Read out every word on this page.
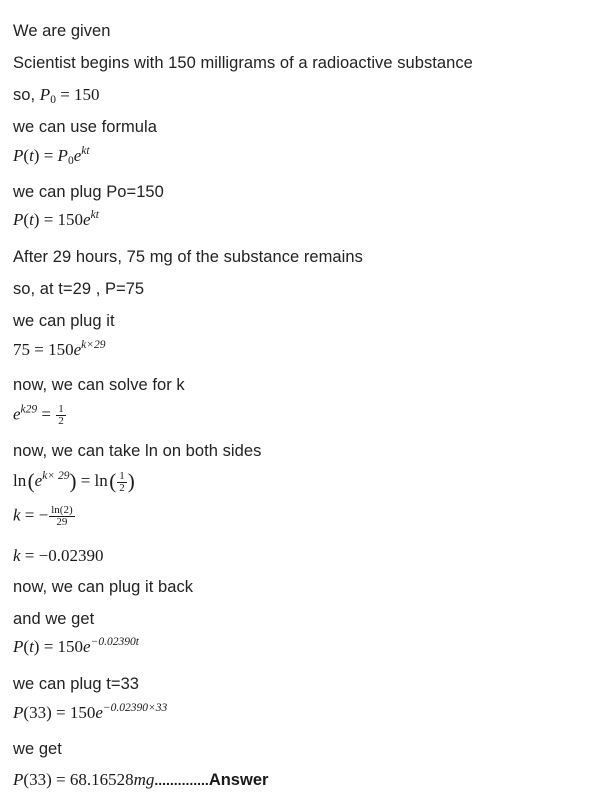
We are given
Scientist begins with 150 milligrams of a radioactive substance
so, $P_0 = 150$
we can use formula
$P(t) = P_0e^{kt}$
we can plug Po=150
$P(t) = 150e^{kt}$
After 29 hours, 75 mg of the substance remains
so, at t=29 , P=75
we can plug it
$75 = 150e^{k\times 29}$
now, we can solve for k
$e^{k29} = \frac{1}{2}$
now, we can take ln on both sides
ln $(e^{k\times 29}) = \ln$ ( $\frac{1}{2}$ )
k = − $\frac{\ln(2)}{29}$
k = −0.02390
now, we can plug it back
and we get
$P(t) = 150e^{-0.02390t}$
we can plug t=33
$P(33) = 150e^{-0.02390\times 33}$
we get
P(33) = 68.16528mg..............Answer
